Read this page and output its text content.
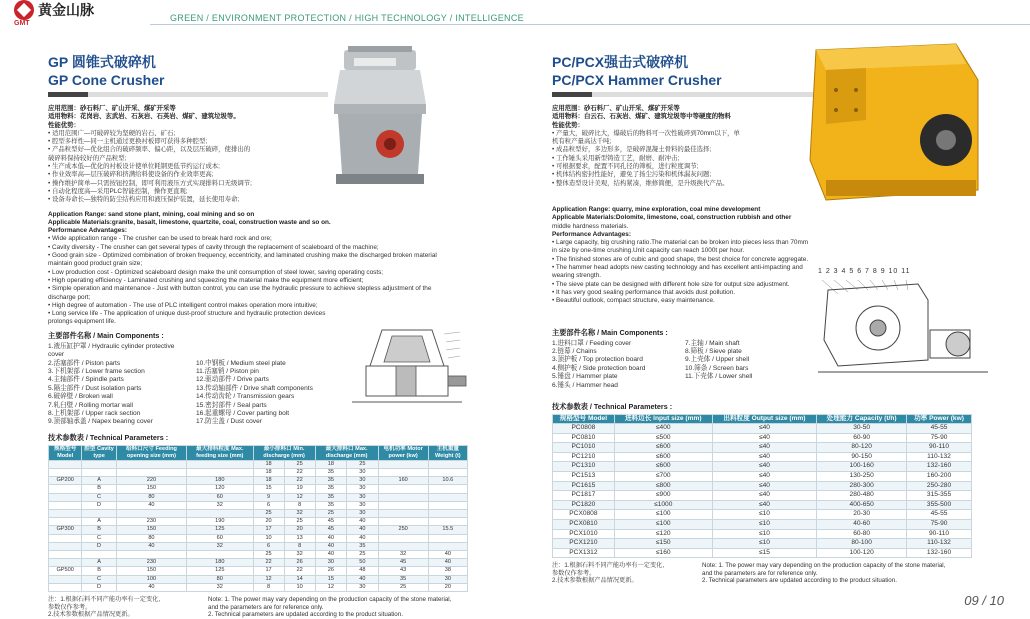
黄金山脉
GMT
GREEN / ENVIRONMENT PROTECTION / HIGH TECHNOLOGY / INTELLIGENCE
GP 圆锥式破碎机
GP Cone Crusher
应用范围：砂石料厂、矿山开采、煤矿开采等
适用物料：花岗岩、玄武岩、石灰岩、石英岩、煤矿、建筑垃圾等。
性能优势：
• 适用范围广—可破碎较为坚硬的岩石、矿石;
• 腔型多样性—同一主机通过更换衬板即可获得多种腔型;
• 产品粒型好—优化组合的破碎频率、偏心距，以及层压破碎，使排出的
破碎料保持较好的产品粒型;
• 生产成本低—优化的衬板设计使单位耗钢更低节约运行成本;
• 作业效率高—层压破碎和挤满给料使设备的作业效率更高;
• 操作维护简单—只需按钮控制，即可利用液压方式实现排料口无级调节;
• 自动化程度高—采用PLC智能控制，操作更直观;
• 设备寿命长—独特的防尘结构应用和液压保护装置，延长使用寿命;
Application Range: sand stone plant, mining, coal mining and so on
Applicable Materials:granite, basalt, limestone, quartzite, coal, construction waste and so on.
Performance Advantages:
• Wide application range - The crusher can be used to break hard rock and ore;
• Cavity diversity - The crusher can get several types of cavity through the replacement of scaleboard of the machine;
• Good grain size - Optimized combination of broken frequency, eccentricity, and laminated crushing make the discharged broken material
maintain good product grain size;
• Low production cost - Optimized scaleboard design make the unit consumption of steel lower, saving operating costs;
• High operating efficiency - Laminated crushing and squeezing the material make the equipment more efficient;
• Simple operation and maintenance - Just with button control, you can use the hydraulic pressure to achieve stepless adjustment of the
discharge port;
• High degree of automation - The use of PLC intelligent control makes operation more intuitive;
• Long service life - The application of unique dust-proof structure and hydraulic protection devices
prolongs equipment life.
主要部件名称 / Main Components :
1.液压缸护罩 / Hydraulic cylinder protective cover
2.活塞部件 / Piston parts	10.中钢板 / Medium steel plate
3.下机架部 / Lower frame section	11.活塞销 / Piston pin
4.主轴部件 / Spindle parts	12.驱动部件 / Drive parts
5.隔尘部件 / Dust isolation parts	13.传动轴部件 / Drive shaft components
6.破碎壁 / Broken wall	14.传动齿轮 / Transmission gears
7.轧臼壁 / Rolling mortar wall	15.密封部件 / Seal parts
8.上机架部 / Upper rack section	16.起重螺母 / Cover parting bolt
9.顶部轴承盖 / Napex bearing cover	17.防尘盖 / Dust cover
技术参数表 / Technical Parameters :
规格型号 Model	腔型 Cavity type	给料口尺寸 Feeding opening size (mm)	最大排料粒度 Max. feeding size (mm)	最小排料口 Min. discharge (mm)		最大排料口 Max. discharge (mm)		电机功率 Motor power (kw)	主机重量 Weight (t)
				18	25	18	25		
				18	22	35	30		
GP200	A	220	180	18	22	35	30	160	10.6
	B	150	120	15	19	35	30		
	C	80	60	9	12	35	30		
	D	40	32	6	8	35	30		
				25	32	25	30		
	A	230	190	20	25	45	40		
GP300	B	150	125	17	20	45	40	250	15.5
	C	80	60	10	13	40	40		
	D	40	32	6	8	40	35		
				25	32	40	25	32	40
	A	230	180	22	26	30	50	45	40
GP500	B	150	125	17	22	26	48	43	38
	C	100	80	12	14	15	40	35	30
	D	40	32	8	10	12	30	25	20
注：1.根据石料不同产能功率有一定变化,
参数仅作参考。
2.技术参数根据产品情况更新。
Note: 1. The power may vary depending on the production capacity of the stone material,
and the parameters are for reference only.
2. Technical parameters are updated according to the product situation.
PC/PCX强击式破碎机
PC/PCX Hammer Crusher
应用范围：砂石料厂、矿山开采、煤矿开采等
适用物料：白云石、石灰岩、煤矿、建筑垃圾等中等硬度的物料
性能优势：
• 产量大，破碎比大，爆破后的物料可一次性破碎到70mm以下，单
机有粒产量高达千吨;
• 成品粒型好，多边形多，是破碎混凝土骨料的最佳选择;
• 工作锤头采用新型铸造工艺，耐磨、耐冲击;
• 可根据要求，配置不同孔径的筛板，进行粒度调节;
• 机体结构密封性能好，避免了扬尘污染和机体漏灰问题;
• 整体造型设计美观，结构紧凑，维修简便，是升级换代产品。
Application Range: quarry, mine exploration, coal mine development
Applicable Materials:Dolomite, limestone, coal, construction rubbish and other
middle hardness materials.
Performance Advantages:
• Large capacity, big crushing ratio.The material can be broken into pieces less than 70mm
in size by one-time crushing.Unit capacity can reach 1000t per hour.
• The finished stones are of cubic and good shape, the best choice for concrete aggregate.
• The hammer head adopts new casting technology and has excellent anti-impacting and
wearing strength.
• The sieve plate can be designed with different hole size for output size adjustment.
• It has very good sealing performance that avoids dust pollution.
• Beautiful outlook, compact structure, easy maintenance.
主要部件名称 / Main Components :
1.进料口罩 / Feeding cover	7.主轴 / Main shaft
2.链幕 / Chains	8.筛板 / Sieve plate
3.顶护板 / Top protection board	9.上壳体 / Upper shell
4.侧护板 / Side protection board	10.筛条 / Screen bars
5.锤盘 / Hammer plate	11.下壳体 / Lower shell
6.锤头 / Hammer head
技术参数表 / Technical Parameters :
规格型号 Model	进料边长 Input size (mm)	出料粒度 Output size (mm)	处理能力 Capacity (t/h)	功率 Power (kw)
PC0808	≤400	≤40	30-50	45-55
PC0810	≤500	≤40	60-90	75-90
PC1010	≤600	≤40	80-120	90-110
PC1210	≤600	≤40	90-150	110-132
PC1310	≤600	≤40	100-160	132-160
PC1513	≤700	≤40	130-250	160-200
PC1615	≤800	≤40	280-300	250-280
PC1817	≤900	≤40	280-480	315-355
PC1820	≤1000	≤40	400-650	355-500
PCX0808	≤100	≤10	20-30	45-55
PCX0810	≤100	≤10	40-60	75-90
PCX1010	≤120	≤10	60-80	90-110
PCX1210	≤150	≤10	80-100	110-132
PCX1312	≤160	≤15	100-120	132-160
注：1.根据石料不同产能功率有一定变化,
参数仅作参考。
2.技术参数根据产品情况更新。
Note: 1. The power may vary depending on the production capacity of the stone material,
and the parameters are for reference only.
2. Technical parameters are updated according to the product situation.
1 2 3 4 5 6 7 8 9 10 11
09 / 10
